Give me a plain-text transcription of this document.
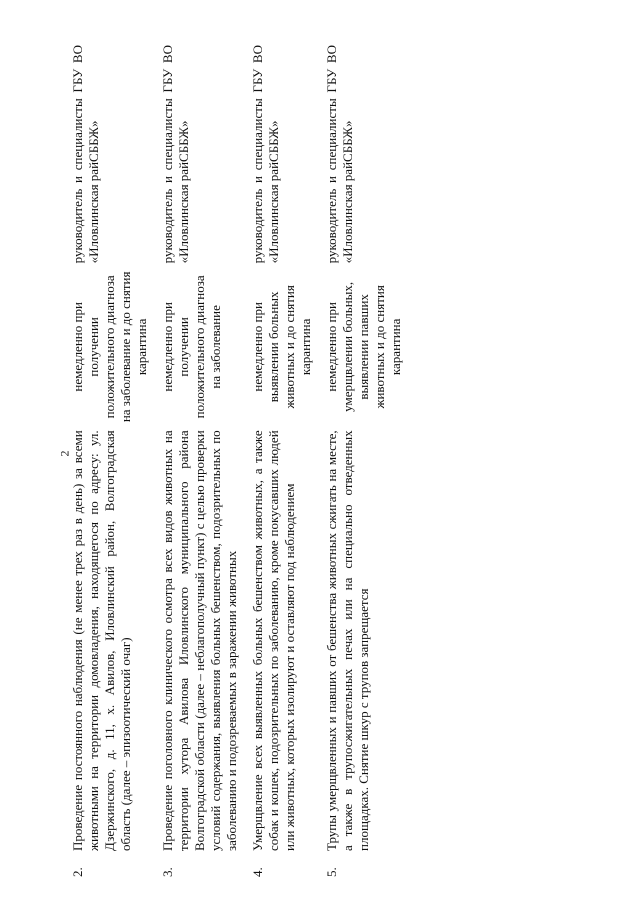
2
2.
Проведение постоянного наблюдения (не менее трех раз в день) за всеми животными на территории домовладения, находящегося по адресу: ул. Дзержинского, д. 11, х. Авилов, Иловлинский район, Волгоградская область (далее – эпизоотический очаг)	немедленно при получении положительного диагноза на заболевание и до снятия карантина	руководитель и специалисты ГБУ ВО «Иловлинская райСББЖ»

3.
Проведение поголовного клинического осмотра всех видов животных на территории хутора Авилова Иловлинского муниципального района Волгоградской области (далее – неблагополучный пункт) с целью проверки условий содержания, выявления больных бешенством, подозрительных по заболеванию и подозреваемых в заражении животных	немедленно при получении положительного диагноза на заболевание	руководитель и специалисты ГБУ ВО «Иловлинская райСББЖ»

4.
Умерщвление всех выявленных больных бешенством животных, а также собак и кошек, подозрительных по заболеванию, кроме покусавших людей или животных, которых изолируют и оставляют под наблюдением	немедленно при выявлении больных животных и до снятия карантина	руководитель и специалисты ГБУ ВО «Иловлинская райСББЖ»

5.
Трупы умерщвленных и павших от бешенства животных сжигать на месте, а также в трупосжигательных печах или на специально отведенных площадках. Снятие шкур с трупов запрещается	немедленно при умерщвлении больных, выявлении павших животных и до снятия карантина	руководитель и специалисты ГБУ ВО «Иловлинская райСББЖ»
